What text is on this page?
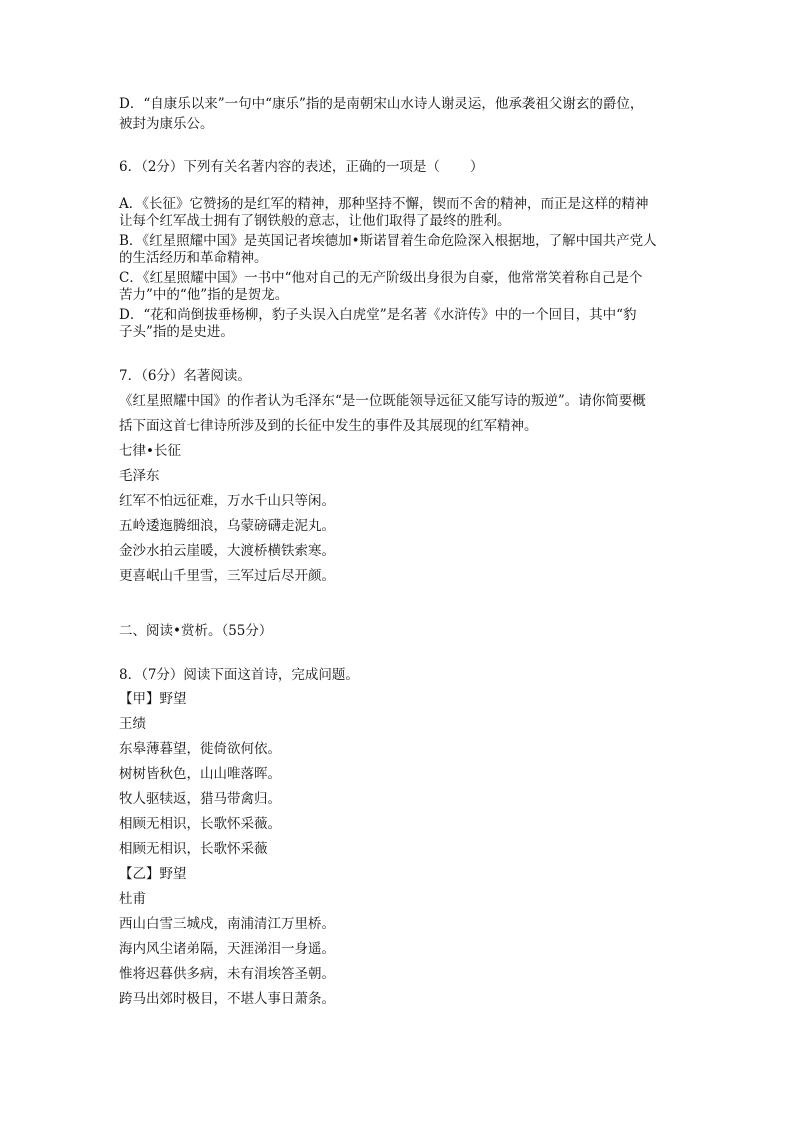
D．“自康乐以来”一句中“康乐”指的是南朝宋山水诗人谢灵运，他承袭祖父谢玄的爵位，
被封为康乐公。
6．（2分）下列有关名著内容的表述，正确的一项是（ ）
A．《长征》它赞扬的是红军的精神，那种坚持不懈，锲而不舍的精神，而正是这样的精神
让每个红军战士拥有了钢铁般的意志，让他们取得了最终的胜利。
B．《红星照耀中国》是英国记者埃德加•斯诺冒着生命危险深入根据地，了解中国共产党人
的生活经历和革命精神。
C．《红星照耀中国》一书中“他对自己的无产阶级出身很为自豪，他常常笑着称自己是个
苦力”中的“他”指的是贺龙。
D．“花和尚倒拔垂杨柳，豹子头误入白虎堂”是名著《水浒传》中的一个回目，其中“豹
子头”指的是史进。
7．（6分）名著阅读。
《红星照耀中国》的作者认为毛泽东“是一位既能领导远征又能写诗的叛逆”。请你简要概
括下面这首七律诗所涉及到的长征中发生的事件及其展现的红军精神。
七律•长征
毛泽东
红军不怕远征难，万水千山只等闲。
五岭逶迤腾细浪，乌蒙磅礴走泥丸。
金沙水拍云崖暖，大渡桥横铁索寒。
更喜岷山千里雪，三军过后尽开颜。
二、阅读•赏析。（55分）
8．（7分）阅读下面这首诗，完成问题。
【甲】野望
王绩
东皋薄暮望，徙倚欲何依。
树树皆秋色，山山唯落晖。
牧人驱犊返，猎马带禽归。
相顾无相识，长歌怀采薇。
相顾无相识，长歌怀采薇
【乙】野望
杜甫
西山白雪三城戍，南浦清江万里桥。
海内风尘诸弟隔，天涯涕泪一身遥。
惟将迟暮供多病，未有涓埃答圣朝。
跨马出郊时极目，不堪人事日萧条。
